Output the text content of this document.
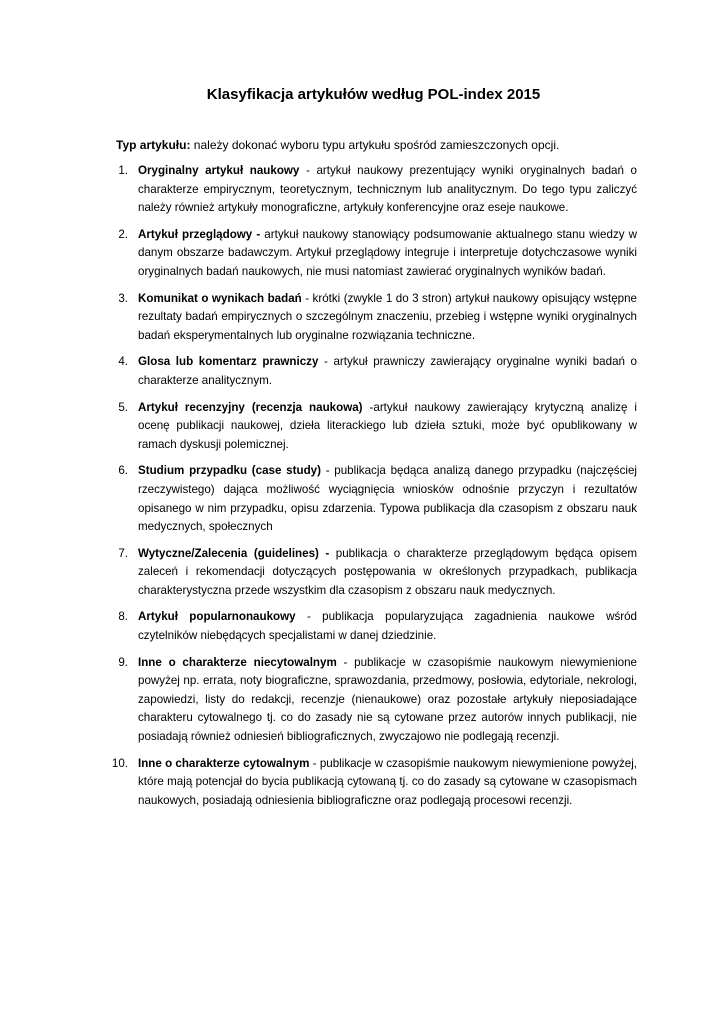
Klasyfikacja artykułów według POL-index 2015

Typ artykułu: należy dokonać wyboru typu artykułu spośród zamieszczonych opcji.

1. Oryginalny artykuł naukowy - artykuł naukowy prezentujący wyniki oryginalnych badań o charakterze empirycznym, teoretycznym, technicznym lub analitycznym. Do tego typu zaliczyć należy również artykuły monograficzne, artykuły konferencyjne oraz eseje naukowe.
2. Artykuł przeglądowy - artykuł naukowy stanowiący podsumowanie aktualnego stanu wiedzy w danym obszarze badawczym. Artykuł przeglądowy integruje i interpretuje dotychczasowe wyniki oryginalnych badań naukowych, nie musi natomiast zawierać oryginalnych wyników badań.
3. Komunikat o wynikach badań - krótki (zwykle 1 do 3 stron) artykuł naukowy opisujący wstępne rezultaty badań empirycznych o szczególnym znaczeniu, przebieg i wstępne wyniki oryginalnych badań eksperymentalnych lub oryginalne rozwiązania techniczne.
4. Glosa lub komentarz prawniczy - artykuł prawniczy zawierający oryginalne wyniki badań o charakterze analitycznym.
5. Artykuł recenzyjny (recenzja naukowa) -artykuł naukowy zawierający krytyczną analizę i ocenę publikacji naukowej, dzieła literackiego lub dzieła sztuki, może być opublikowany w ramach dyskusji polemicznej.
6. Studium przypadku (case study) - publikacja będąca analizą danego przypadku (najczęściej rzeczywistego) dająca możliwość wyciągnięcia wniosków odnośnie przyczyn i rezultatów opisanego w nim przypadku, opisu zdarzenia. Typowa publikacja dla czasopism z obszaru nauk medycznych, społecznych
7. Wytyczne/Zalecenia (guidelines) - publikacja o charakterze przeglądowym będąca opisem zaleceń i rekomendacji dotyczących postępowania w określonych przypadkach, publikacja charakterystyczna przede wszystkim dla czasopism z obszaru nauk medycznych.
8. Artykuł popularnonaukowy - publikacja popularyzująca zagadnienia naukowe wśród czytelników niebędących specjalistami w danej dziedzinie.
9. Inne o charakterze niecytowalnym - publikacje w czasopiśmie naukowym niewymienione powyżej np. errata, noty biograficzne, sprawozdania, przedmowy, posłowia, edytoriale, nekrologi, zapowiedzi, listy do redakcji, recenzje (nienaukowe) oraz pozostałe artykuły nieposiadające charakteru cytowalnego tj. co do zasady nie są cytowane przez autorów innych publikacji, nie posiadają również odniesień bibliograficznych, zwyczajowo nie podlegają recenzji.
10. Inne o charakterze cytowalnym - publikacje w czasopiśmie naukowym niewymienione powyżej, które mają potencjał do bycia publikacją cytowaną tj. co do zasady są cytowane w czasopismach naukowych, posiadają odniesienia bibliograficzne oraz podlegają procesowi recenzji.
